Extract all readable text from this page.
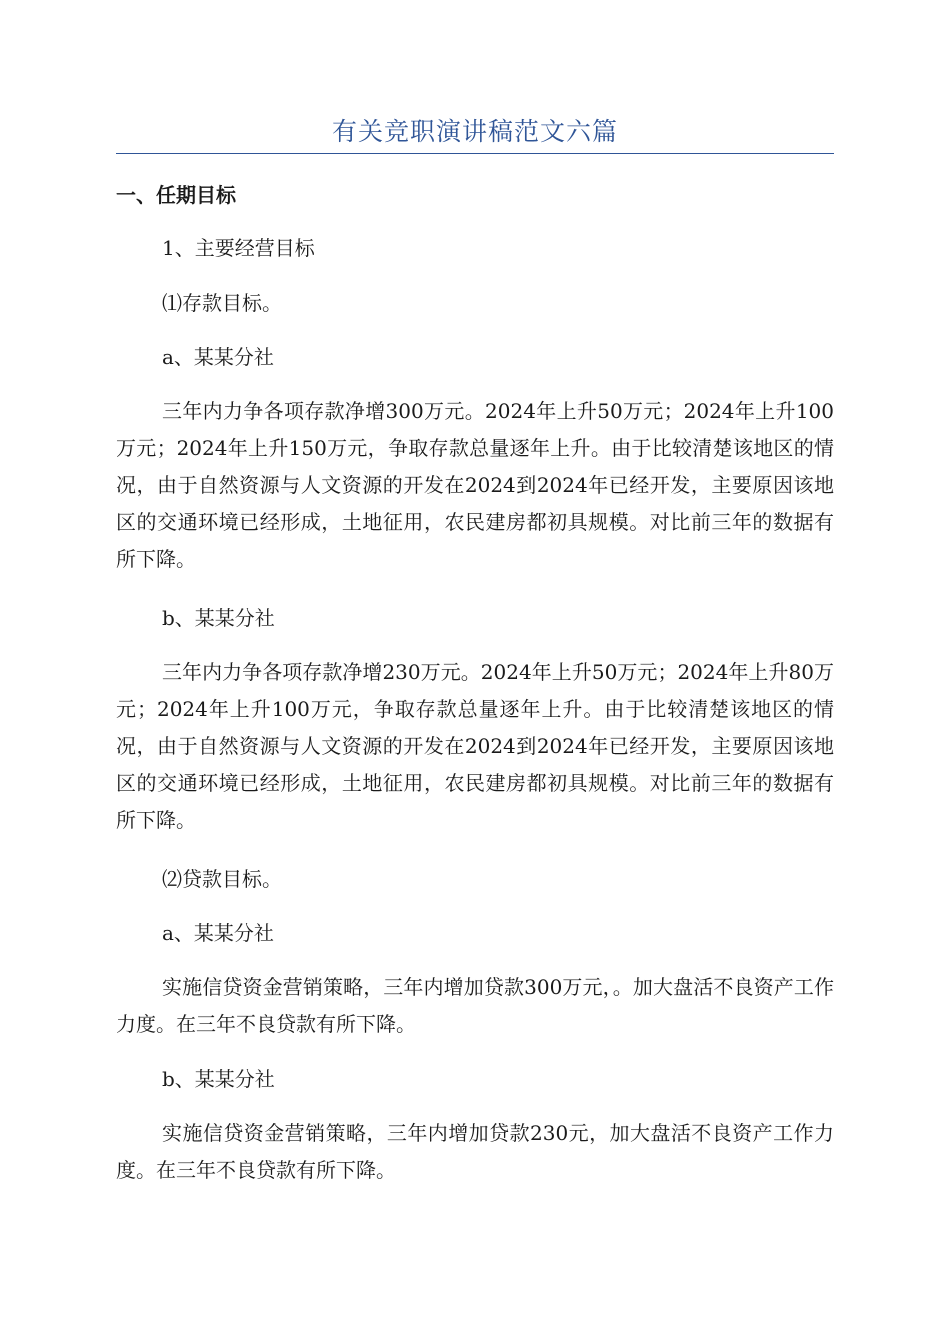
有关竞职演讲稿范文六篇
一、任期目标

1、主要经营目标

⑴存款目标。

a、某某分社

三年内力争各项存款净增300万元。2024年上升50万元；2024年上升100万元；2024年上升150万元，争取存款总量逐年上升。由于比较清楚该地区的情况，由于自然资源与人文资源的开发在2024到2024年已经开发，主要原因该地区的交通环境已经形成，土地征用，农民建房都初具规模。对比前三年的数据有所下降。

b、某某分社

三年内力争各项存款净增230万元。2024年上升50万元；2024年上升80万元；2024年上升100万元，争取存款总量逐年上升。由于比较清楚该地区的情况，由于自然资源与人文资源的开发在2024到2024年已经开发，主要原因该地区的交通环境已经形成，土地征用，农民建房都初具规模。对比前三年的数据有所下降。

⑵贷款目标。

a、某某分社

实施信贷资金营销策略，三年内增加贷款300万元，。加大盘活不良资产工作力度。在三年不良贷款有所下降。

b、某某分社

实施信贷资金营销策略，三年内增加贷款230元，加大盘活不良资产工作力度。在三年不良贷款有所下降。
